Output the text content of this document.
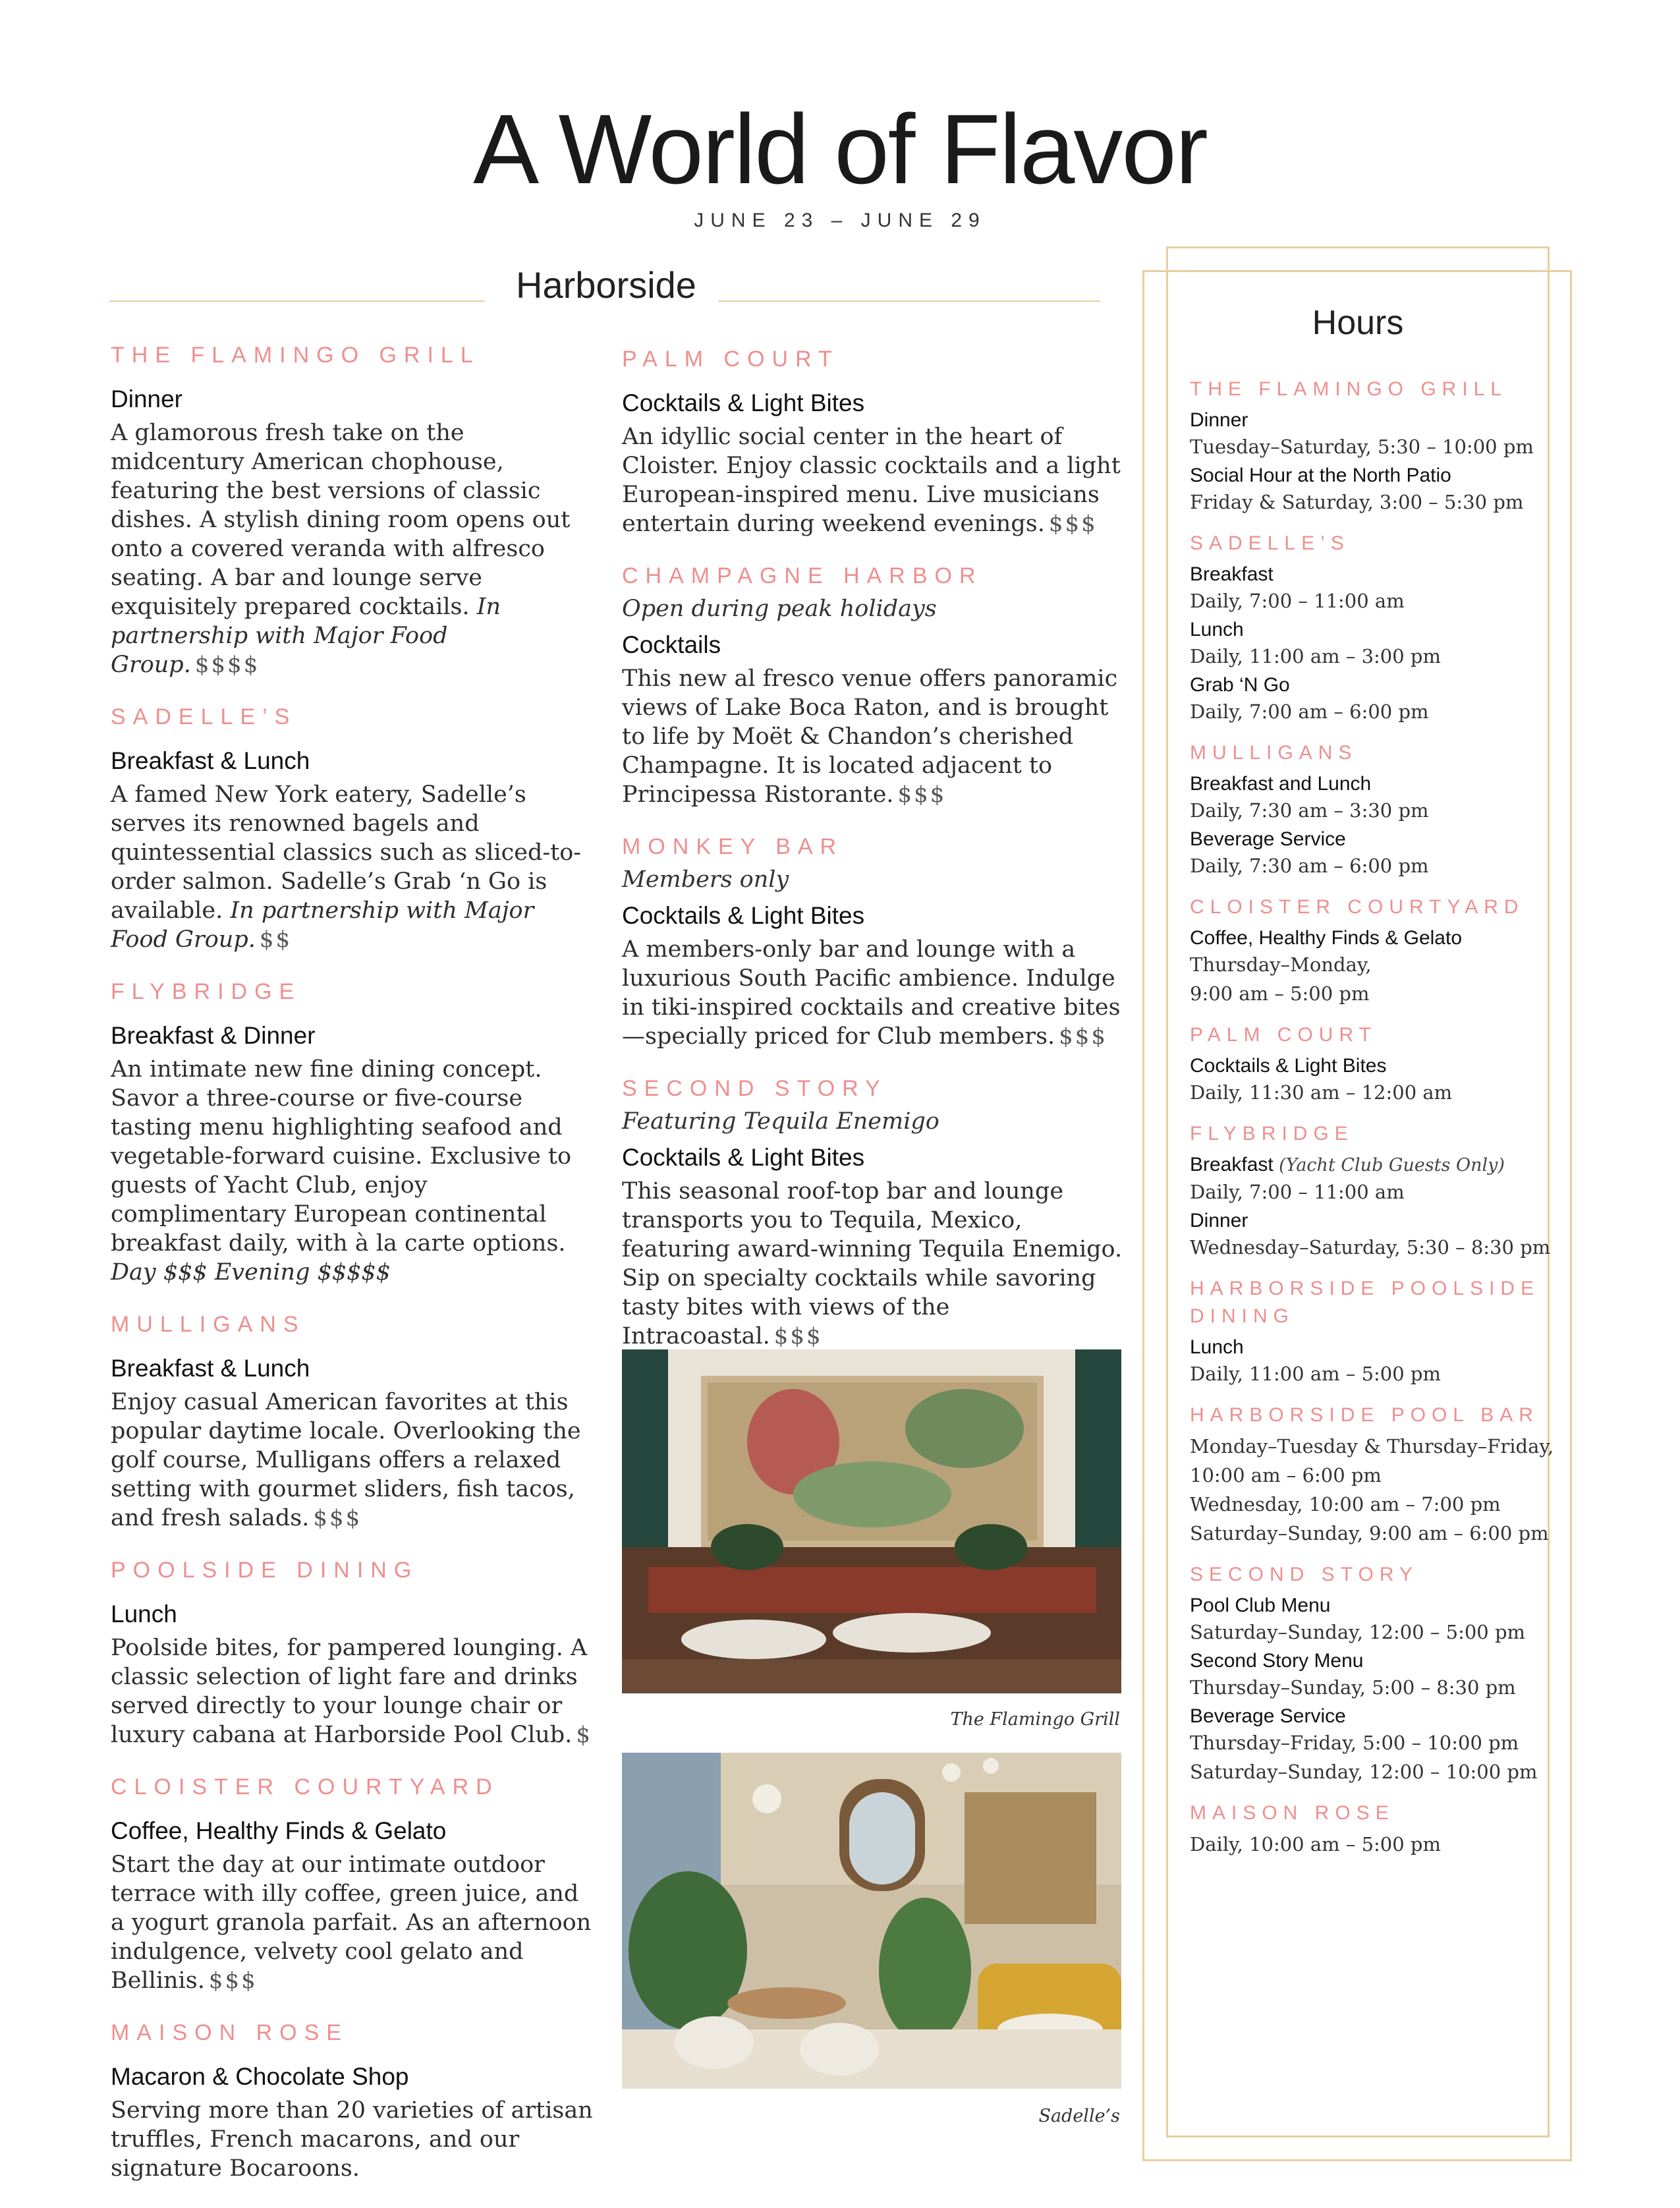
A World of Flavor
JUNE 23 – JUNE 29
Harborside
THE FLAMINGO GRILL
Dinner
A glamorous fresh take on the midcentury American chophouse, featuring the best versions of classic dishes. A stylish dining room opens out onto a covered veranda with alfresco seating. A bar and lounge serve exquisitely prepared cocktails. In partnership with Major Food Group. $$$$
SADELLE’S
Breakfast & Lunch
A famed New York eatery, Sadelle’s serves its renowned bagels and quintessential classics such as sliced-to-order salmon. Sadelle’s Grab ‘n Go is available. In partnership with Major Food Group. $$
FLYBRIDGE
Breakfast & Dinner
An intimate new fine dining concept. Savor a three-course or five-course tasting menu highlighting seafood and vegetable-forward cuisine. Exclusive to guests of Yacht Club, enjoy complimentary European continental breakfast daily, with à la carte options. Day $$$ Evening $$$$$
MULLIGANS
Breakfast & Lunch
Enjoy casual American favorites at this popular daytime locale. Overlooking the golf course, Mulligans offers a relaxed setting with gourmet sliders, fish tacos, and fresh salads. $$$
POOLSIDE DINING
Lunch
Poolside bites, for pampered lounging. A classic selection of light fare and drinks served directly to your lounge chair or luxury cabana at Harborside Pool Club. $
CLOISTER COURTYARD
Coffee, Healthy Finds & Gelato
Start the day at our intimate outdoor terrace with illy coffee, green juice, and a yogurt granola parfait. As an afternoon indulgence, velvety cool gelato and Bellinis. $$$
MAISON ROSE
Macaron & Chocolate Shop
Serving more than 20 varieties of artisan truffles, French macarons, and our signature Bocaroons.
PALM COURT
Cocktails & Light Bites
An idyllic social center in the heart of Cloister. Enjoy classic cocktails and a light European-inspired menu. Live musicians entertain during weekend evenings. $$$
CHAMPAGNE HARBOR
Open during peak holidays
Cocktails
This new al fresco venue offers panoramic views of Lake Boca Raton, and is brought to life by Moët & Chandon’s cherished Champagne. It is located adjacent to Principessa Ristorante. $$$
MONKEY BAR
Members only
Cocktails & Light Bites
A members-only bar and lounge with a luxurious South Pacific ambience. Indulge in tiki-inspired cocktails and creative bites—specially priced for Club members. $$$
SECOND STORY
Featuring Tequila Enemigo
Cocktails & Light Bites
This seasonal roof-top bar and lounge transports you to Tequila, Mexico, featuring award-winning Tequila Enemigo. Sip on specialty cocktails while savoring tasty bites with views of the Intracoastal. $$$
The Flamingo Grill
Sadelle’s
Hours
THE FLAMINGO GRILL
Dinner
Tuesday–Saturday, 5:30 – 10:00 pm
Social Hour at the North Patio
Friday & Saturday, 3:00 – 5:30 pm
SADELLE’S
Breakfast
Daily, 7:00 – 11:00 am
Lunch
Daily, 11:00 am – 3:00 pm
Grab ‘N Go
Daily, 7:00 am – 6:00 pm
MULLIGANS
Breakfast and Lunch
Daily, 7:30 am – 3:30 pm
Beverage Service
Daily, 7:30 am – 6:00 pm
CLOISTER COURTYARD
Coffee, Healthy Finds & Gelato
Thursday–Monday,
9:00 am – 5:00 pm
PALM COURT
Cocktails & Light Bites
Daily, 11:30 am – 12:00 am
FLYBRIDGE
Breakfast (Yacht Club Guests Only)
Daily, 7:00 – 11:00 am
Dinner
Wednesday–Saturday, 5:30 – 8:30 pm
HARBORSIDE POOLSIDE DINING
Lunch
Daily, 11:00 am – 5:00 pm
HARBORSIDE POOL BAR
Monday–Tuesday & Thursday–Friday,
10:00 am – 6:00 pm
Wednesday, 10:00 am – 7:00 pm
Saturday–Sunday, 9:00 am – 6:00 pm
SECOND STORY
Pool Club Menu
Saturday–Sunday, 12:00 – 5:00 pm
Second Story Menu
Thursday–Sunday, 5:00 – 8:30 pm
Beverage Service
Thursday–Friday, 5:00 – 10:00 pm
Saturday–Sunday, 12:00 – 10:00 pm
MAISON ROSE
Daily, 10:00 am – 5:00 pm
